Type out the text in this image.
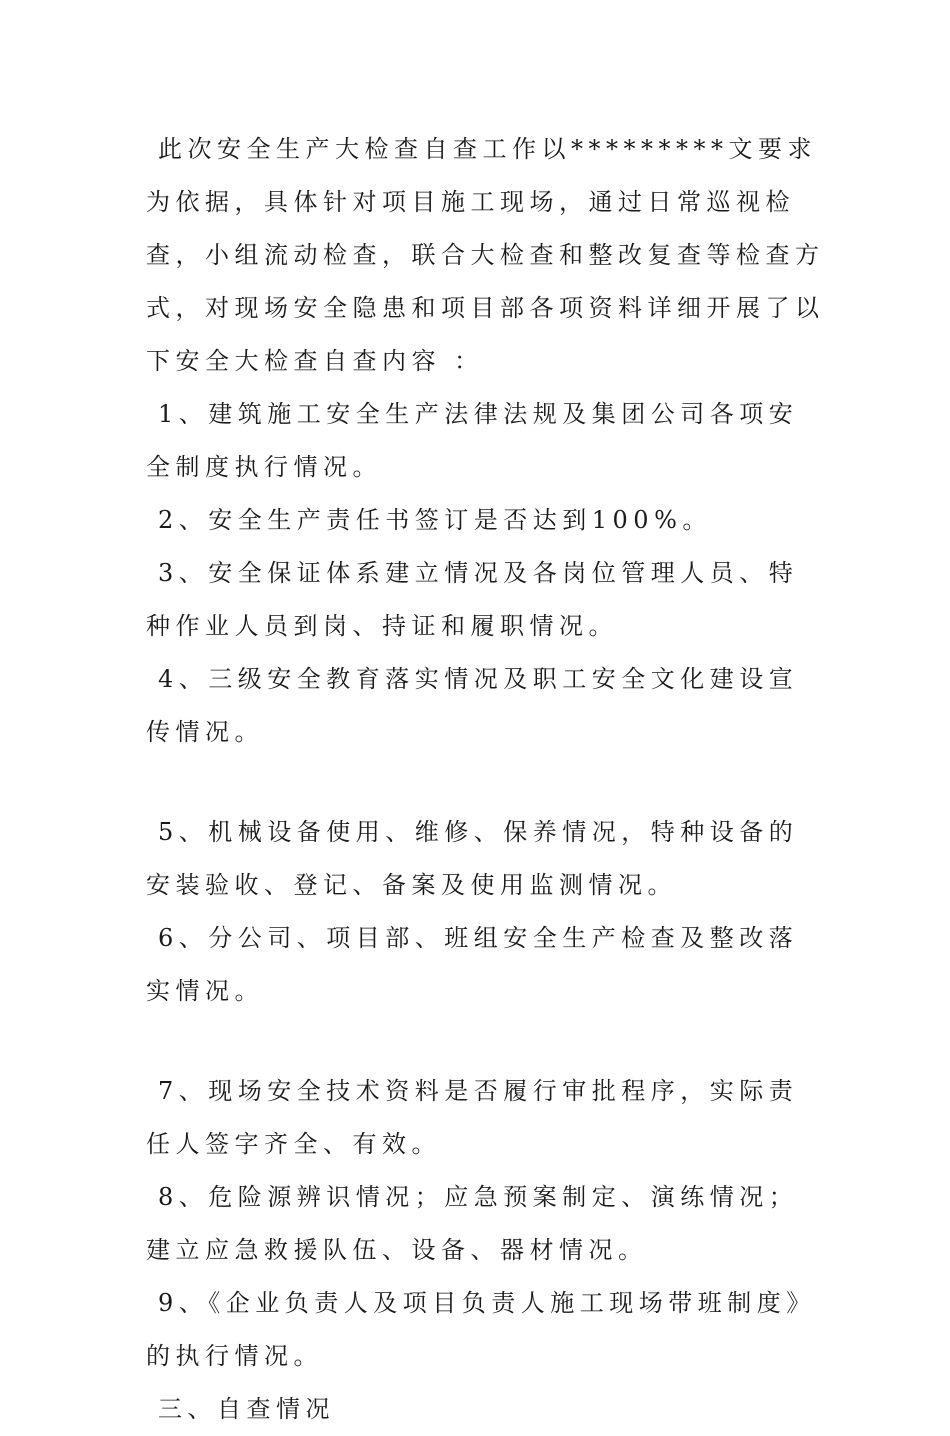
此次安全生产大检查自查工作以*********文要求为依据，具体针对项目施工现场，通过日常巡视检查，小组流动检查，联合大检查和整改复查等检查方式，对现场安全隐患和项目部各项资料详细开展了以下安全大检查自查内容 ：

1、建筑施工安全生产法律法规及集团公司各项安全制度执行情况。

2、安全生产责任书签订是否达到100%。

3、安全保证体系建立情况及各岗位管理人员、特种作业人员到岗、持证和履职情况。

4、三级安全教育落实情况及职工安全文化建设宣传情况。

5、机械设备使用、维修、保养情况，特种设备的安装验收、登记、备案及使用监测情况。

6、分公司、项目部、班组安全生产检查及整改落实情况。

7、现场安全技术资料是否履行审批程序，实际责任人签字齐全、有效。

8、危险源辨识情况；应急预案制定、演练情况；建立应急救援队伍、设备、器材情况。

9、《企业负责人及项目负责人施工现场带班制度》的执行情况。

三、自查情况
